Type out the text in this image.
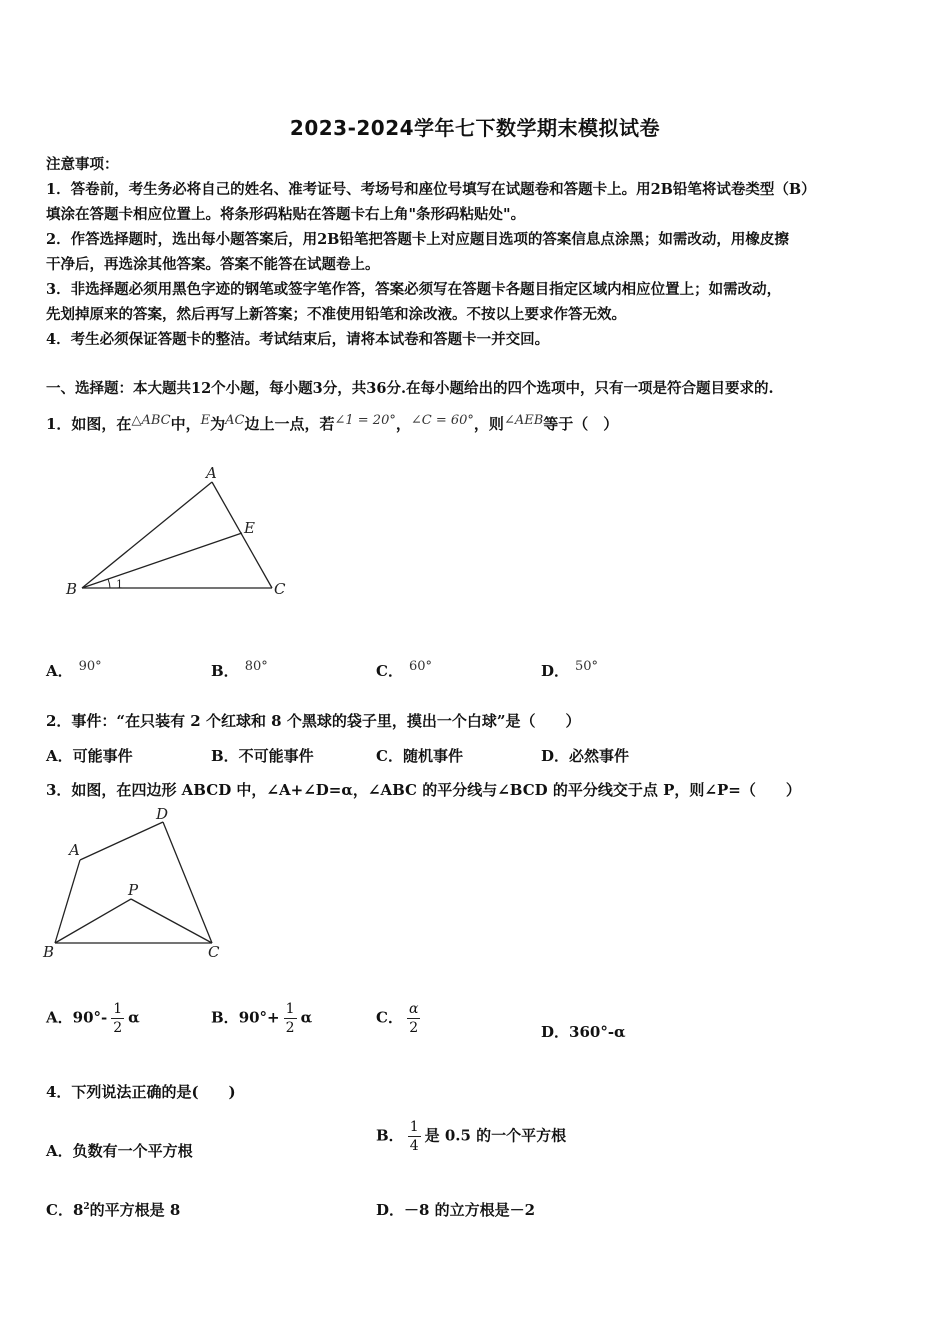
2023-2024学年七下数学期末模拟试卷
注意事项：
1．答卷前，考生务必将自己的姓名、准考证号、考场号和座位号填写在试题卷和答题卡上。用2B铅笔将试卷类型（B）
填涂在答题卡相应位置上。将条形码粘贴在答题卡右上角"条形码粘贴处"。
2．作答选择题时，选出每小题答案后，用2B铅笔把答题卡上对应题目选项的答案信息点涂黑；如需改动，用橡皮擦
干净后，再选涂其他答案。答案不能答在试题卷上。
3．非选择题必须用黑色字迹的钢笔或签字笔作答，答案必须写在答题卡各题目指定区域内相应位置上；如需改动，
先划掉原来的答案，然后再写上新答案；不准使用铅笔和涂改液。不按以上要求作答无效。
4．考生必须保证答题卡的整洁。考试结束后，请将本试卷和答题卡一并交回。
一、选择题：本大题共12个小题，每小题3分，共36分.在每小题给出的四个选项中，只有一项是符合题目要求的.
1．如图，在△ABC中，E为AC边上一点，若∠1 = 20°，∠C = 60°，则∠AEB等于（　）
A
B	C
E
1
A． 90°	B． 80°	C． 60°	D． 50°
2．事件：“在只装有 2 个红球和 8 个黑球的袋子里，摸出一个白球”是（　　）
A．可能事件	B．不可能事件	C．随机事件	D．必然事件
3．如图，在四边形 ABCD 中，∠A+∠D=α，∠ABC 的平分线与∠BCD 的平分线交于点 P，则∠P=（　　）
A
D
P
B	C
A．$90^\circ- \frac{1}{2}$ α	B．$90^\circ+ \frac{1}{2}$ α	C． $\frac{\alpha}{2}$	D．360°-α
4．下列说法正确的是(　　)
A．负数有一个平方根
B． $\frac{1}{4}$ 是 0.5 的一个平方根
C．$8^2$的平方根是 8	D．－8 的立方根是－2
